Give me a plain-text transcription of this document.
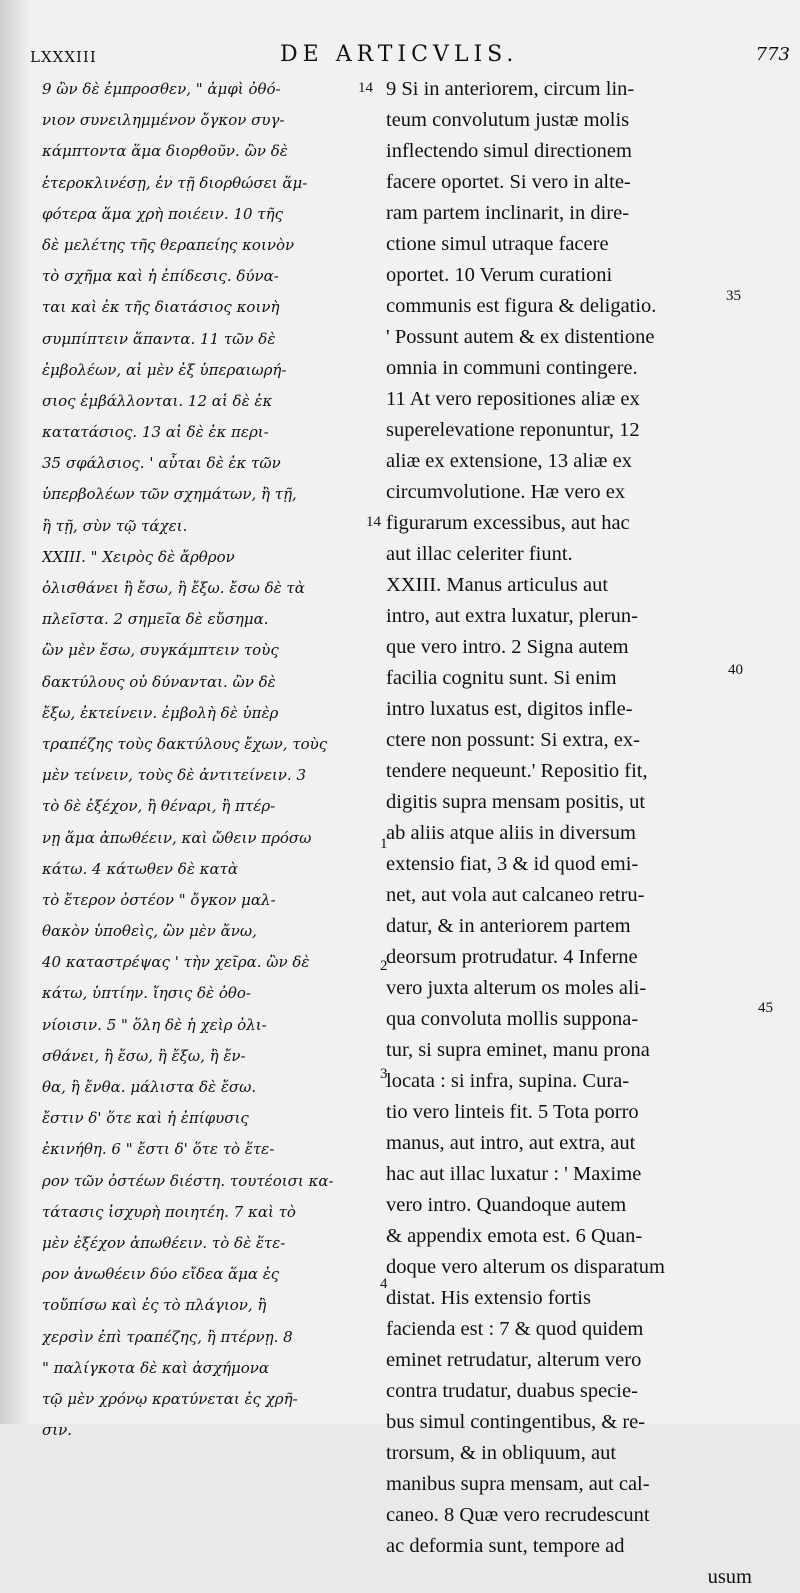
LXXXIII	DE ARTICVLIS.	773
9 ὢν δὲ ἐμπροσθεν, " ἀμφὶ ὀθό-
νιον συνειλημμένον ὄγκον συγ-
κάμπτοντα ἅμα διορθοῦν. ὢν δὲ
ἑτεροκλινέσῃ, ἐν τῇ διορθώσει ἅμ-
φότερα ἅμα χρὴ ποιέειν. 10 τῆς
δὲ μελέτης τῆς θεραπείης κοινὸν
τὸ σχῆμα καὶ ἡ ἐπίδεσις. δύνα-
ται καὶ ἐκ τῆς διατάσιος κοινὴ
συμπίπτειν ἅπαντα. 11 τῶν δὲ
ἐμβολέων, αἱ μὲν ἐξ ὑπεραιωρή-
σιος ἐμβάλλονται. 12 αἱ δὲ ἐκ
κατατάσιος. 13 αἱ δὲ ἐκ περι-
35 σφάλσιος. ' αὗται δὲ ἐκ τῶν
ὑπερβολέων τῶν σχημάτων, ἢ τῇ,
ἢ τῇ, σὺν τῷ τάχει.
XXIII. " Χειρὸς δὲ ἄρθρον
ὀλισθάνει ἢ ἔσω, ἢ ἔξω. ἔσω δὲ τὰ
πλεῖστα. 2 σημεῖα δὲ εὔσημα.
ὢν μὲν ἔσω, συγκάμπτειν τοὺς
δακτύλους οὐ δύνανται. ὢν δὲ
ἔξω, ἐκτείνειν. ἐμβολὴ δὲ ὑπὲρ
τραπέζης τοὺς δακτύλους ἔχων, τοὺς
μὲν τείνειν, τοὺς δὲ ἀντιτείνειν. 3
τὸ δὲ ἐξέχον, ἢ θέναρι, ἢ πτέρ-
νῃ ἅμα ἀπωθέειν, καὶ ὤθειν πρόσω
κάτω. 4 κάτωθεν δὲ κατὰ
τὸ ἕτερον ὀστέον " ὄγκον μαλ-
θακὸν ὑποθεὶς, ὢν μὲν ἄνω,
40 καταστρέψας ' τὴν χεῖρα. ὢν δὲ
κάτω, ὑπτίην. ἴησις δὲ ὀθο-
νίοισιν. 5 " ὅλη δὲ ἡ χεὶρ ὀλι-
σθάνει, ἢ ἔσω, ἢ ἔξω, ἢ ἔν-
θα, ἢ ἔνθα. μάλιστα δὲ ἔσω.
ἔστιν δ' ὅτε καὶ ἡ ἐπίφυσις
ἐκινήθη. 6 " ἔστι δ' ὅτε τὸ ἕτε-
ρον τῶν ὀστέων διέστη. τουτέοισι κα-
τάτασις ἰσχυρὴ ποιητέη. 7 καὶ τὸ
μὲν ἐξέχον ἀπωθέειν. τὸ δὲ ἕτε-
ρον ἀνωθέειν δύο εἴδεα ἅμα ἐς
τοὔπίσω καὶ ἐς τὸ πλάγιον, ἢ
χερσὶν ἐπὶ τραπέζης, ἢ πτέρνῃ. 8
" παλίγκοτα δὲ καὶ ἀσχήμονα
τῷ μὲν χρόνῳ κρατύνεται ἐς χρῆ-
σιν.
9 Si in anteriorem, circum lin-
teum convolutum justæ molis
inflectendo simul directionem
facere oportet. Si vero in alte-
ram partem inclinarit, in dire-
ctione simul utraque facere
oportet. 10 Verum curationi
communis est figura & deligatio.
' Possunt autem & ex distentione
omnia in communi contingere.
11 At vero repositiones aliæ ex
superelevatione reponuntur, 12
aliæ ex extensione, 13 aliæ ex
circumvolutione. Hæ vero ex
figurarum excessibus, aut hac
aut illac celeriter fiunt.
XXIII. Manus articulus aut
intro, aut extra luxatur, plerun-
que vero intro. 2 Signa autem
facilia cognitu sunt. Si enim
intro luxatus est, digitos infle-
ctere non possunt: Si extra, ex-
tendere nequeunt.' Repositio fit,
digitis supra mensam positis, ut
ab aliis atque aliis in diversum
extensio fiat, 3 & id quod emi-
net, aut vola aut calcaneo retru-
datur, & in anteriorem partem
deorsum protrudatur. 4 Inferne
vero juxta alterum os moles ali-
qua convoluta mollis suppona-
tur, si supra eminet, manu prona
locata : si infra, supina. Cura-
tio vero linteis fit. 5 Tota porro
manus, aut intro, aut extra, aut
hac aut illac luxatur : ' Maxime
vero intro. Quandoque autem
& appendix emota est. 6 Quan-
doque vero alterum os disparatum
distat. His extensio fortis
facienda est : 7 & quod quidem
eminet retrudatur, alterum vero
contra trudatur, duabus specie-
bus simul contingentibus, & re-
trorsum, & in obliquum, aut
manibus supra mensam, aut cal-
caneo. 8 Quæ vero recrudescunt
ac deformia sunt, tempore ad
usum
14
35
14
40
1
2
45
3
4
